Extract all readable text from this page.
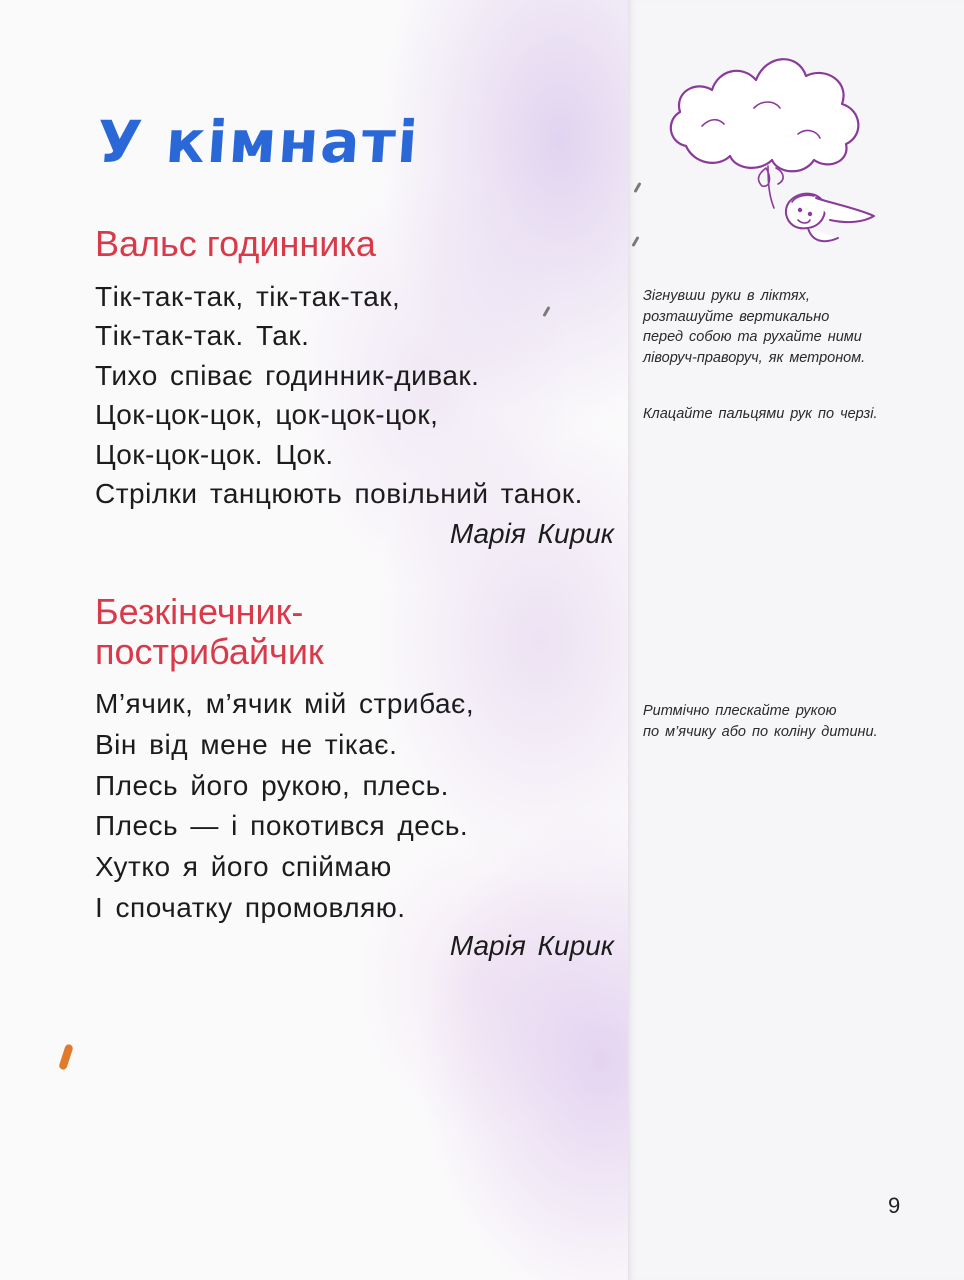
У кімнаті
Вальс годинника
Тік-так-так, тік-так-так,
Тік-так-так. Так.
Тихо співає годинник-дивак.
Цок-цок-цок, цок-цок-цок,
Цок-цок-цок. Цок.
Стрілки танцюють повільний танок.
Марія Кирик
Безкінечник-
пострибайчик
М’ячик, м’ячик мій стрибає,
Він від мене не тікає.
Плесь його рукою, плесь.
Плесь — і покотився десь.
Хутко я його спіймаю
І спочатку промовляю.
Марія Кирик
Зігнувши руки в ліктях,
розташуйте вертикально
перед собою та рухайте ними
ліворуч-праворуч, як метроном.
Клацайте пальцями рук по черзі.
Ритмічно плескайте рукою
по м’ячику або по коліну дитини.
9
